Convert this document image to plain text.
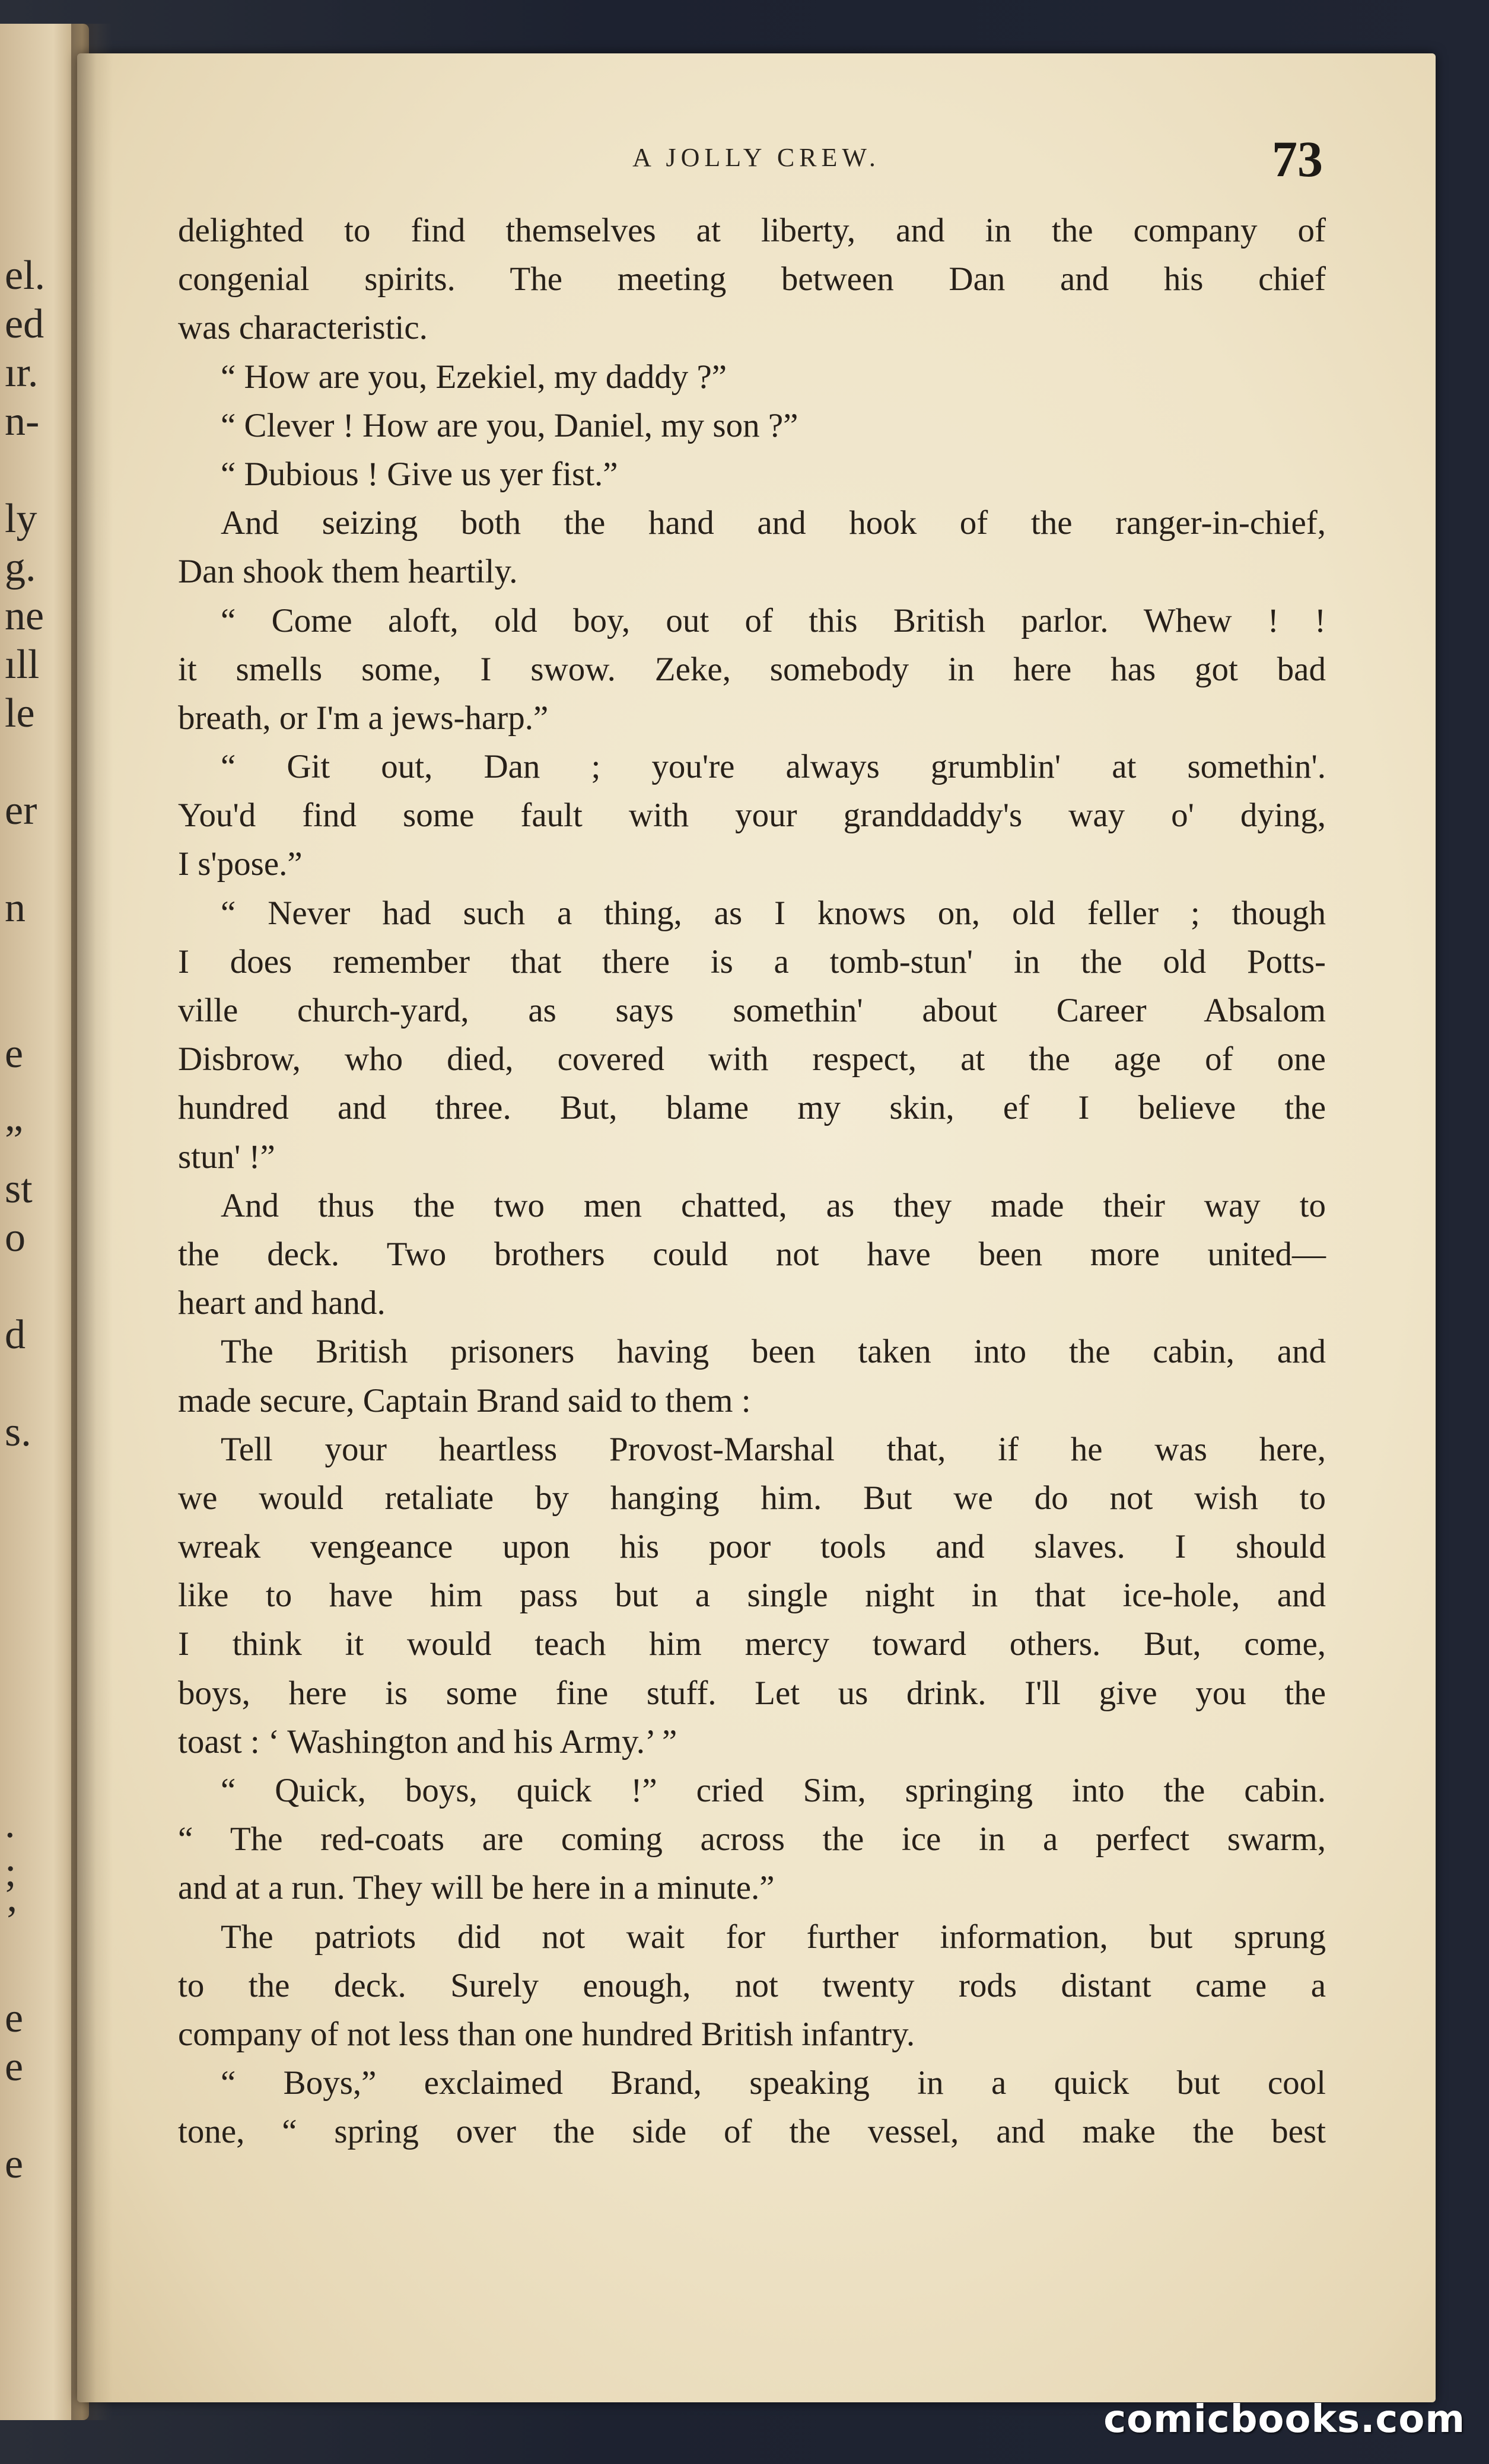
el.
ed
ır.
n-
ly
g.
ne
ıll
le
er
n
e
”
st
o
d
s.
.
;
’
e
e
e
A JOLLY CREW.	73
delighted to find themselves at liberty, and in the company of
congenial spirits. The meeting between Dan and his chief
was characteristic.
“ How are you, Ezekiel, my daddy ?”
“ Clever ! How are you, Daniel, my son ?”
“ Dubious ! Give us yer fist.”
And seizing both the hand and hook of the ranger-in-chief,
Dan shook them heartily.
“ Come aloft, old boy, out of this British parlor. Whew ! !
it smells some, I swow. Zeke, somebody in here has got bad
breath, or I'm a jews-harp.”
“ Git out, Dan ; you're always grumblin' at somethin'.
You'd find some fault with your granddaddy's way o' dying,
I s'pose.”
“ Never had such a thing, as I knows on, old feller ; though
I does remember that there is a tomb-stun' in the old Potts-
ville church-yard, as says somethin' about Career Absalom
Disbrow, who died, covered with respect, at the age of one
hundred and three. But, blame my skin, ef I believe the
stun' !”
And thus the two men chatted, as they made their way to
the deck. Two brothers could not have been more united—
heart and hand.
The British prisoners having been taken into the cabin, and
made secure, Captain Brand said to them :
Tell your heartless Provost-Marshal that, if he was here,
we would retaliate by hanging him. But we do not wish to
wreak vengeance upon his poor tools and slaves. I should
like to have him pass but a single night in that ice-hole, and
I think it would teach him mercy toward others. But, come,
boys, here is some fine stuff. Let us drink. I'll give you the
toast : ‘ Washington and his Army.’ ”
“ Quick, boys, quick !” cried Sim, springing into the cabin.
“ The red-coats are coming across the ice in a perfect swarm,
and at a run. They will be here in a minute.”
The patriots did not wait for further information, but sprung
to the deck. Surely enough, not twenty rods distant came a
company of not less than one hundred British infantry.
“ Boys,” exclaimed Brand, speaking in a quick but cool
tone, “ spring over the side of the vessel, and make the best
comicbooks.com
